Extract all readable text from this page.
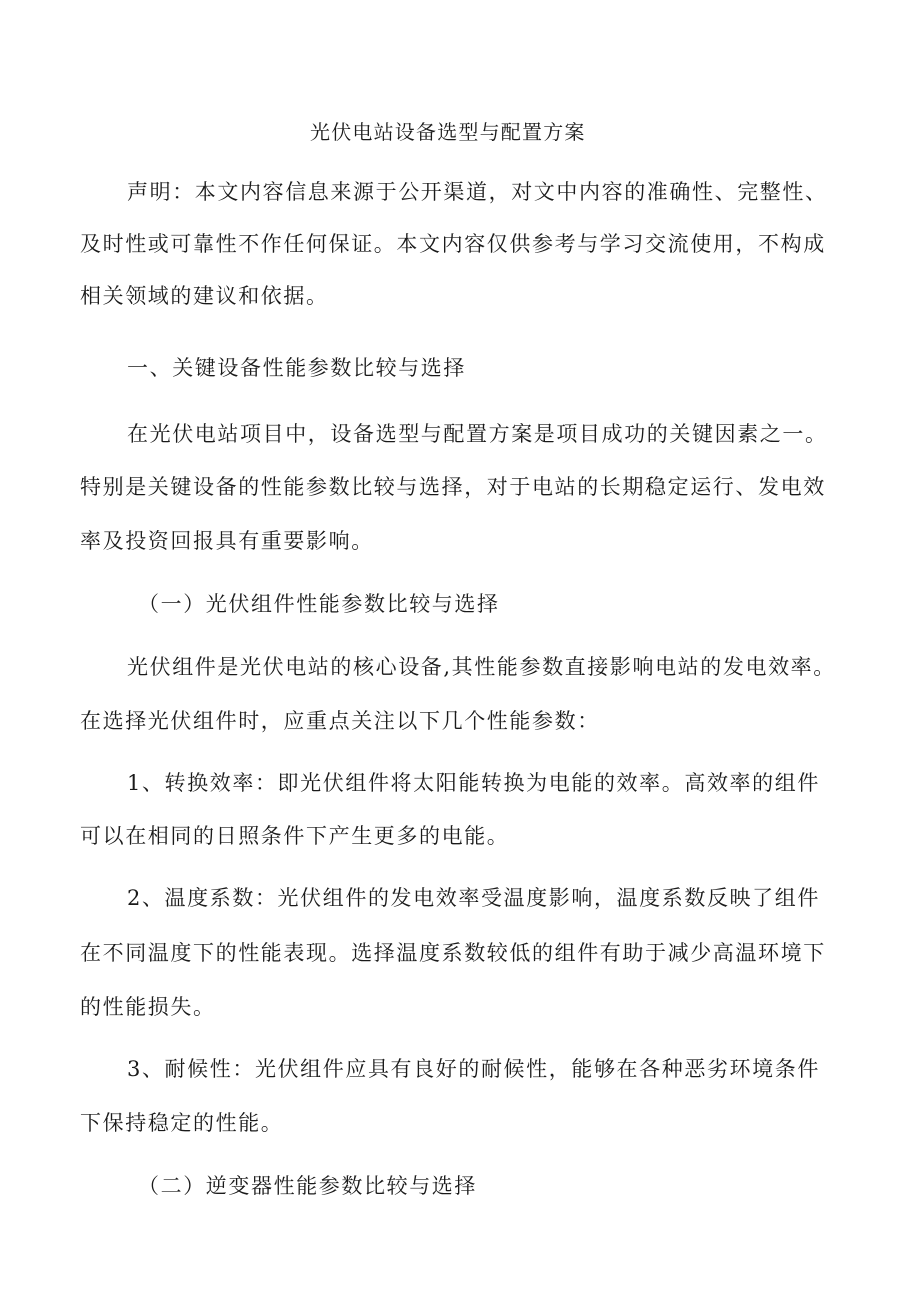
光伏电站设备选型与配置方案
声明：本文内容信息来源于公开渠道，对文中内容的准确性、完整性、
及时性或可靠性不作任何保证。本文内容仅供参考与学习交流使用，不构成
相关领域的建议和依据。
一、关键设备性能参数比较与选择
在光伏电站项目中，设备选型与配置方案是项目成功的关键因素之一。
特别是关键设备的性能参数比较与选择，对于电站的长期稳定运行、发电效
率及投资回报具有重要影响。
（一）光伏组件性能参数比较与选择
光伏组件是光伏电站的核心设备,其性能参数直接影响电站的发电效率。
在选择光伏组件时，应重点关注以下几个性能参数：
1、转换效率：即光伏组件将太阳能转换为电能的效率。高效率的组件
可以在相同的日照条件下产生更多的电能。
2、温度系数：光伏组件的发电效率受温度影响，温度系数反映了组件
在不同温度下的性能表现。选择温度系数较低的组件有助于减少高温环境下
的性能损失。
3、耐候性：光伏组件应具有良好的耐候性，能够在各种恶劣环境条件
下保持稳定的性能。
（二）逆变器性能参数比较与选择
